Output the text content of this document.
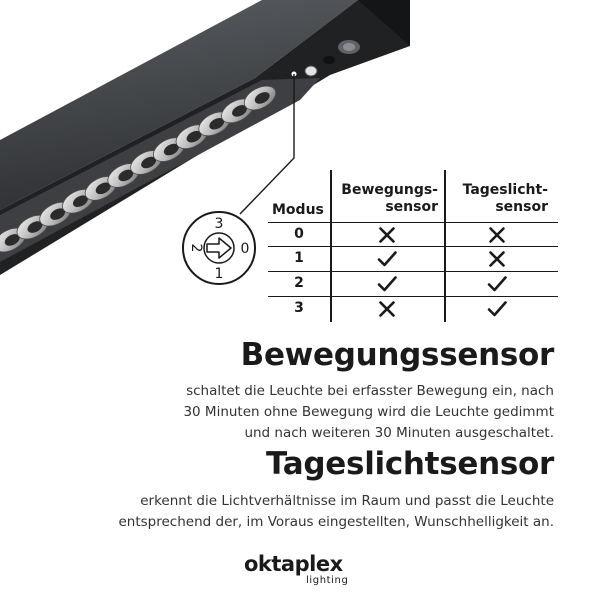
3
2	0
1
Modus
Bewegungs-
sensor
Tageslicht-
sensor
0
1
2
3
Bewegungssensor
schaltet die Leuchte bei erfasster Bewegung ein, nach
30 Minuten ohne Bewegung wird die Leuchte gedimmt
und nach weiteren 30 Minuten ausgeschaltet.
Tageslichtsensor
erkennt die Lichtverhältnisse im Raum und passt die Leuchte
entsprechend der, im Voraus eingestellten, Wunschhelligkeit an.
oktaplex
lighting
